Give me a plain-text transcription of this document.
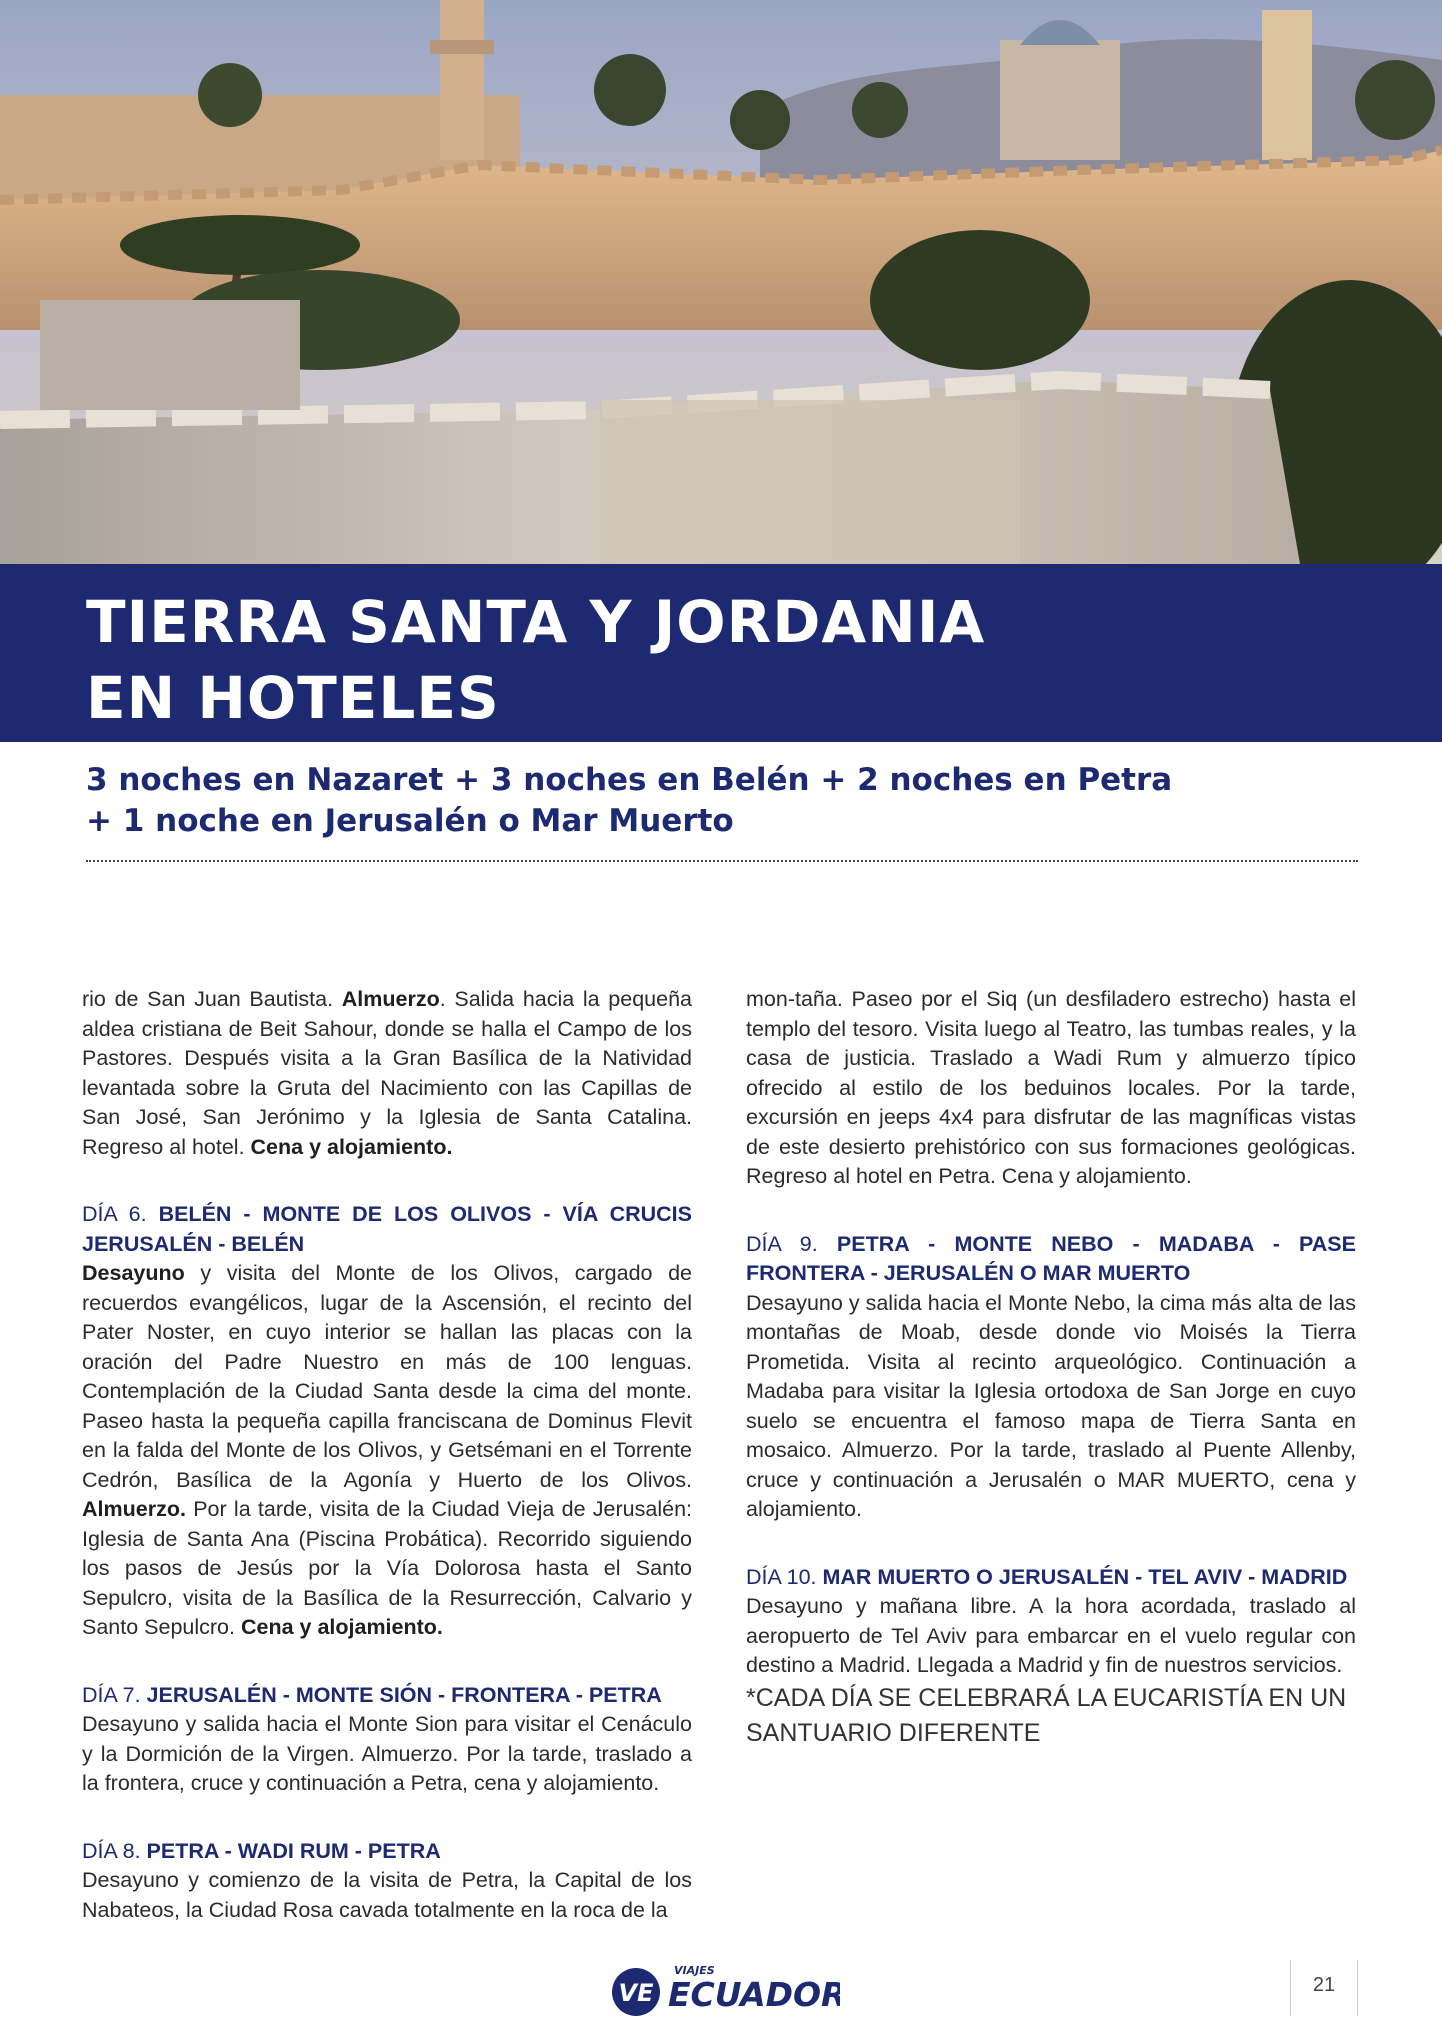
TIERRA SANTA Y JORDANIA
EN HOTELES
3 noches en Nazaret + 3 noches en Belén + 2 noches en Petra
+ 1 noche en Jerusalén o Mar Muerto

rio de San Juan Bautista. Almuerzo. Salida hacia la pequeña aldea cristiana de Beit Sahour, donde se halla el Campo de los Pastores. Después visita a la Gran Basílica de la Natividad levantada sobre la Gruta del Nacimiento con las Capillas de San José, San Jerónimo y la Iglesia de Santa Catalina. Regreso al hotel. Cena y alojamiento.

DÍA 6. BELÉN - MONTE DE LOS OLIVOS - VÍA CRUCIS JERUSALÉN - BELÉN

Desayuno y visita del Monte de los Olivos, cargado de recuerdos evangélicos, lugar de la Ascensión, el recinto del Pater Noster, en cuyo interior se hallan las placas con la oración del Padre Nuestro en más de 100 lenguas. Contemplación de la Ciudad Santa desde la cima del monte. Paseo hasta la pequeña capilla franciscana de Dominus Flevit en la falda del Monte de los Olivos, y Getsémani en el Torrente Cedrón, Basílica de la Agonía y Huerto de los Olivos. Almuerzo. Por la tarde, visita de la Ciudad Vieja de Jerusalén: Iglesia de Santa Ana (Piscina Probática). Recorrido siguiendo los pasos de Jesús por la Vía Dolorosa hasta el Santo Sepulcro, visita de la Basílica de la Resurrección, Calvario y Santo Sepulcro. Cena y alojamiento.

DÍA 7. JERUSALÉN - MONTE SIÓN - FRONTERA - PETRA

Desayuno y salida hacia el Monte Sion para visitar el Cenáculo y la Dormición de la Virgen. Almuerzo. Por la tarde, traslado a la frontera, cruce y continuación a Petra, cena y alojamiento.

DÍA 8. PETRA - WADI RUM - PETRA

Desayuno y comienzo de la visita de Petra, la Capital de los Nabateos, la Ciudad Rosa cavada totalmente en la roca de la

mon-taña. Paseo por el Siq (un desfiladero estrecho) hasta el templo del tesoro. Visita luego al Teatro, las tumbas reales, y la casa de justicia. Traslado a Wadi Rum y almuerzo típico ofrecido al estilo de los beduinos locales. Por la tarde, excursión en jeeps 4x4 para disfrutar de las magníficas vistas de este desierto prehistórico con sus formaciones geológicas. Regreso al hotel en Petra. Cena y alojamiento.

DÍA 9. PETRA - MONTE NEBO - MADABA - PASE FRONTERA - JERUSALÉN O MAR MUERTO

Desayuno y salida hacia el Monte Nebo, la cima más alta de las montañas de Moab, desde donde vio Moisés la Tierra Prometida. Visita al recinto arqueológico. Continuación a Madaba para visitar la Iglesia ortodoxa de San Jorge en cuyo suelo se encuentra el famoso mapa de Tierra Santa en mosaico. Almuerzo. Por la tarde, traslado al Puente Allenby, cruce y continuación a Jerusalén o MAR MUERTO, cena y alojamiento.

DÍA 10. MAR MUERTO O JERUSALÉN - TEL AVIV - MADRID

Desayuno y mañana libre. A la hora acordada, traslado al aeropuerto de Tel Aviv para embarcar en el vuelo regular con destino a Madrid. Llegada a Madrid y fin de nuestros servicios.

*CADA DÍA SE CELEBRARÁ LA EUCARISTÍA EN UN SANTUARIO DIFERENTE

VE
VIAJES
ECUADOR	21
